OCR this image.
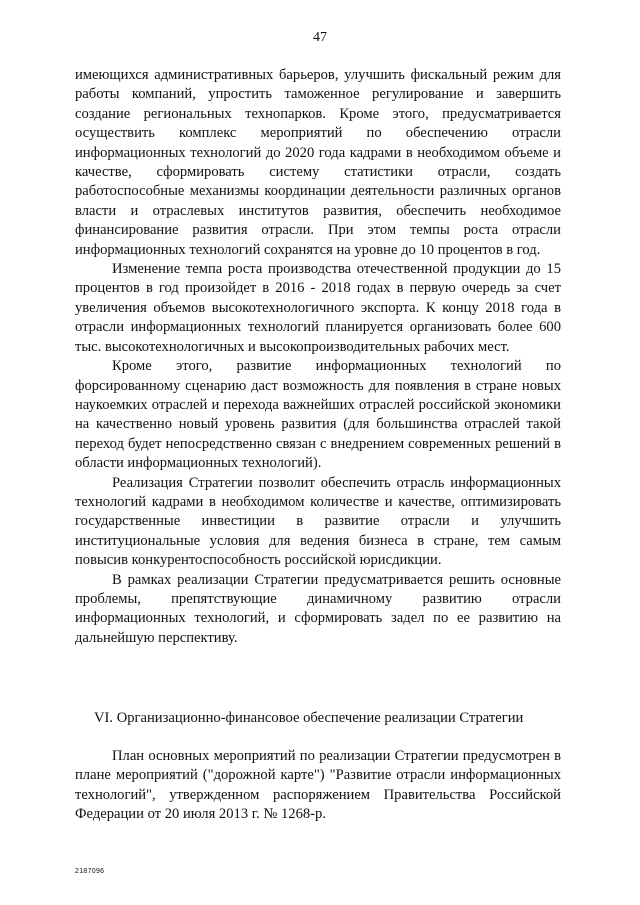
47

имеющихся административных барьеров, улучшить фискальный режим для работы компаний, упростить таможенное регулирование и завершить создание региональных технопарков. Кроме этого, предусматривается осуществить комплекс мероприятий по обеспечению отрасли информационных технологий до 2020 года кадрами в необходимом объеме и качестве, сформировать систему статистики отрасли, создать работоспособные механизмы координации деятельности различных органов власти и отраслевых институтов развития, обеспечить необходимое финансирование развития отрасли. При этом темпы роста отрасли информационных технологий сохранятся на уровне до 10 процентов в год.

Изменение темпа роста производства отечественной продукции до 15 процентов в год произойдет в 2016 - 2018 годах в первую очередь за счет увеличения объемов высокотехнологичного экспорта. К концу 2018 года в отрасли информационных технологий планируется организовать более 600 тыс. высокотехнологичных и высокопроизводительных рабочих мест.

Кроме этого, развитие информационных технологий по форсированному сценарию даст возможность для появления в стране новых наукоемких отраслей и перехода важнейших отраслей российской экономики на качественно новый уровень развития (для большинства отраслей такой переход будет непосредственно связан с внедрением современных решений в области информационных технологий).

Реализация Стратегии позволит обеспечить отрасль информационных технологий кадрами в необходимом количестве и качестве, оптимизировать государственные инвестиции в развитие отрасли и улучшить институциональные условия для ведения бизнеса в стране, тем самым повысив конкурентоспособность российской юрисдикции.

В рамках реализации Стратегии предусматривается решить основные проблемы, препятствующие динамичному развитию отрасли информационных технологий, и сформировать задел по ее развитию на дальнейшую перспективу.

VI. Организационно-финансовое обеспечение реализации Стратегии

План основных мероприятий по реализации Стратегии предусмотрен в плане мероприятий ("дорожной карте") "Развитие отрасли информационных технологий", утвержденном распоряжением Правительства Российской Федерации от 20 июля 2013 г. № 1268-р.

2187096
